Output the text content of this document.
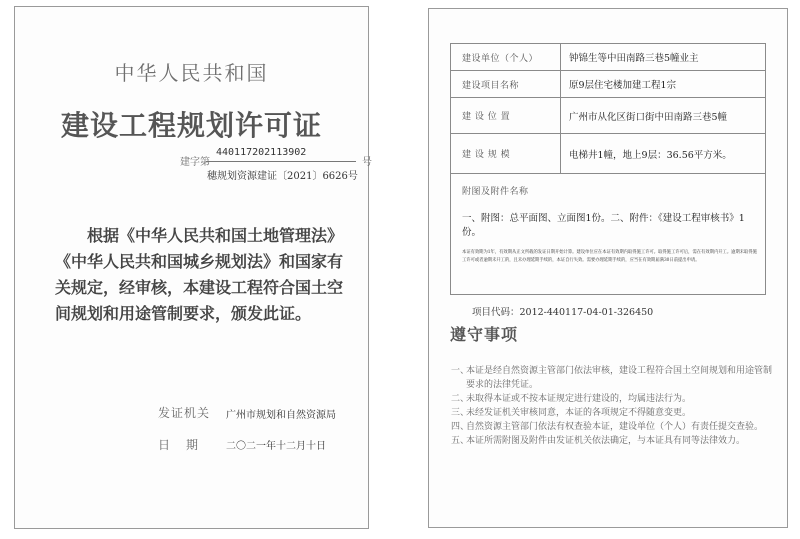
中华人民共和国
建设工程规划许可证
建字第
440117202113902
号
穗规划资源建证〔2021〕6626号
根据《中华人民共和国土地管理法》《中华人民共和国城乡规划法》和国家有关规定，经审核，本建设工程符合国土空间规划和用途管制要求，颁发此证。
发证机关 广州市规划和自然资源局
日期 二〇二一年十二月十日
建设单位（个人）	钟锦生等中田南路三巷5幢业主
建设项目名称	原9层住宅楼加建工程1宗
建 设 位 置	广州市从化区街口街中田南路三巷5幢
建 设 规 模	电梯井1幢，地上9层：36.56平方米。
附图及附件名称
一、附图：总平面图、立面图1份。二、附件：《建设工程审核书》1份。
本证有效期为1年，有效期从正文所载的发证日期开始计算。建设单位应在本证有效期内取得施工许可。取得施工许可后，需在有效期内开工。逾期未取得施工许可或者逾期未开工的，且未办理延期手续的，本证自行失效。需要办理延期手续的，应当在有效期届满30日前提出申请。
项目代码：2012-440117-04-01-326450
遵守事项
一、
本证是经自然资源主管部门依法审核，建设工程符合国土空间规划和用途管制要求的法律凭证。
二、
未取得本证或不按本证规定进行建设的，均属违法行为。
三、
未经发证机关审核同意，本证的各项规定不得随意变更。
四、
自然资源主管部门依法有权查验本证，建设单位（个人）有责任提交查验。
五、
本证所需附图及附件由发证机关依法确定，与本证具有同等法律效力。
